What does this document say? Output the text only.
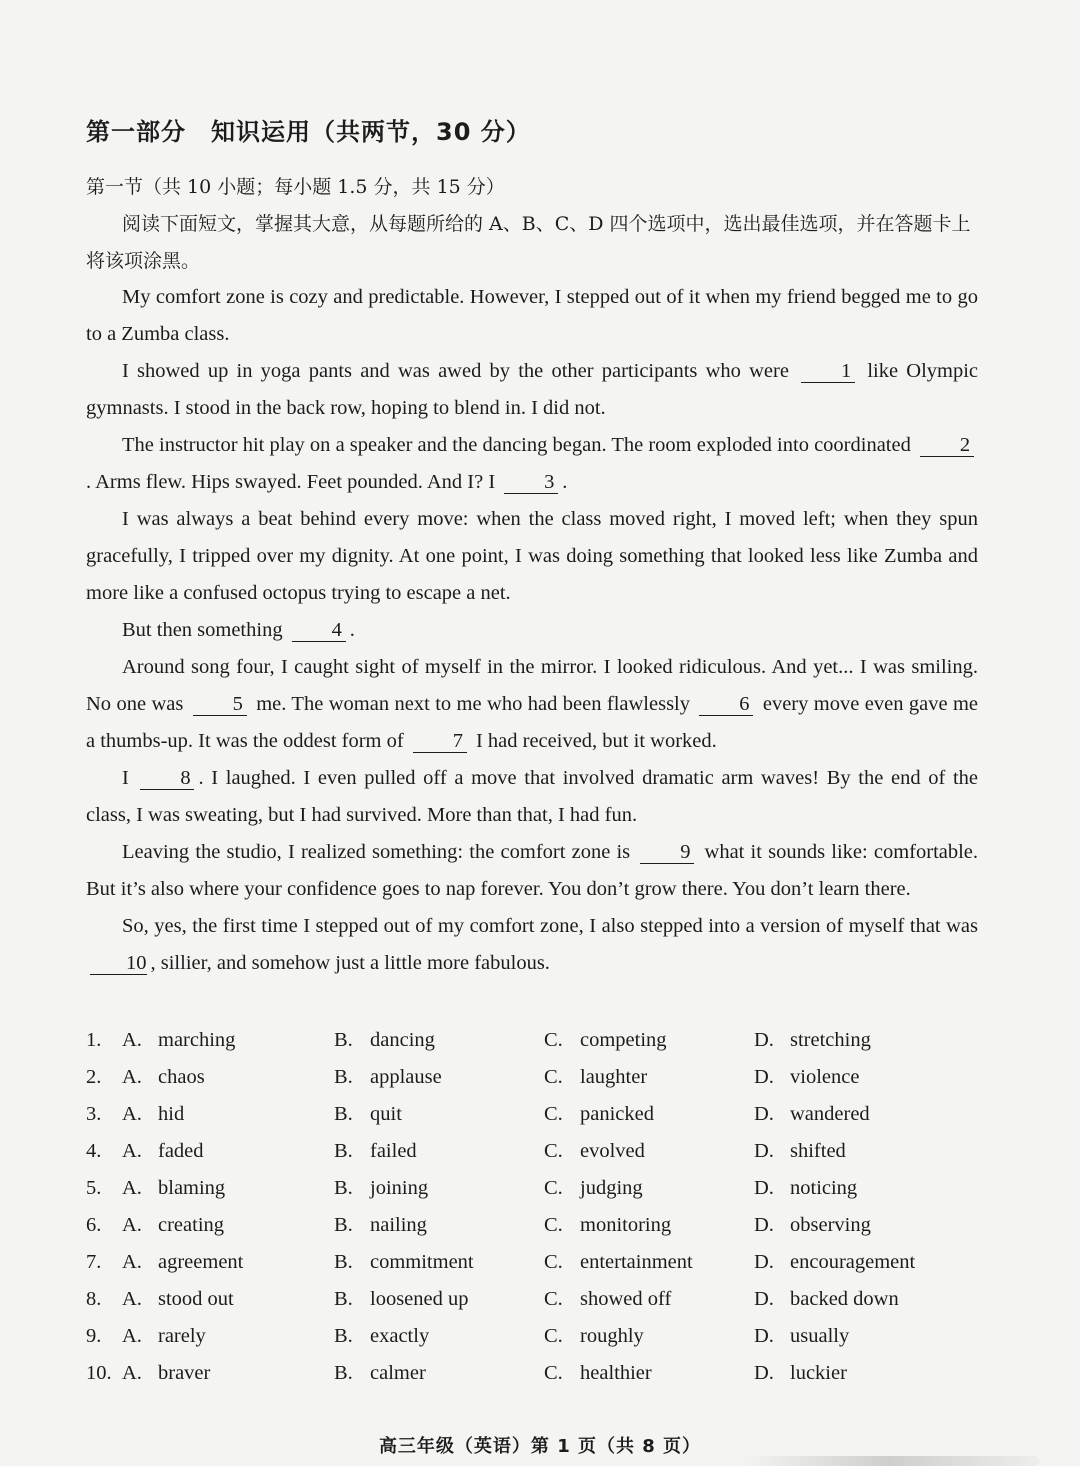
第一部分　知识运用（共两节，30 分）
第一节（共 10 小题；每小题 1.5 分，共 15 分）
阅读下面短文，掌握其大意，从每题所给的 A、B、C、D 四个选项中，选出最佳选项，并在答题卡上将该项涂黑。

My comfort zone is cozy and predictable. However, I stepped out of it when my friend begged me to go to a Zumba class.

I showed up in yoga pants and was awed by the other participants who were	1 like Olympic gymnasts. I stood in the back row, hoping to blend in. I did not.

The instructor hit play on a speaker and the dancing began. The room exploded into coordinated 2. Arms flew. Hips swayed. Feet pounded. And I? I 3 .

I was always a beat behind every move: when the class moved right, I moved left; when they spun gracefully, I tripped over my dignity. At one point, I was doing something that looked less like Zumba and more like a confused octopus trying to escape a net.

But then something 4 .

Around song four, I caught sight of myself in the mirror. I looked ridiculous. And yet... I was smiling. No one was 5 me. The woman next to me who had been flawlessly 6 every move even gave me a thumbs-up. It was the oddest form of 7 I had received, but it worked.

I	8 . I laughed. I even pulled off a move that involved dramatic arm waves! By the end of the class, I was sweating, but I had survived. More than that, I had fun.

Leaving the studio, I realized something: the comfort zone is 9 what it sounds like: comfortable. But it’s also where your confidence goes to nap forever. You don’t grow there. You don’t learn there.

So, yes, the first time I stepped out of my comfort zone, I also stepped into a version of myself that was 10 , sillier, and somehow just a little more fabulous.

1.	A. marching	B. dancing	C. competing	D. stretching
2.	A. chaos	B. applause	C. laughter	D. violence
3.	A. hid	B. quit	C. panicked	D. wandered
4.	A. faded	B. failed	C. evolved	D. shifted
5.	A. blaming	B. joining	C. judging	D. noticing
6.	A. creating	B. nailing	C. monitoring	D. observing
7.	A. agreement	B. commitment	C. entertainment	D. encouragement
8.	A. stood out	B. loosened up	C. showed off	D. backed down
9.	A. rarely	B. exactly	C. roughly	D. usually
10. A. braver	B. calmer	C. healthier	D. luckier
高三年级（英语）第 1 页（共 8 页）
